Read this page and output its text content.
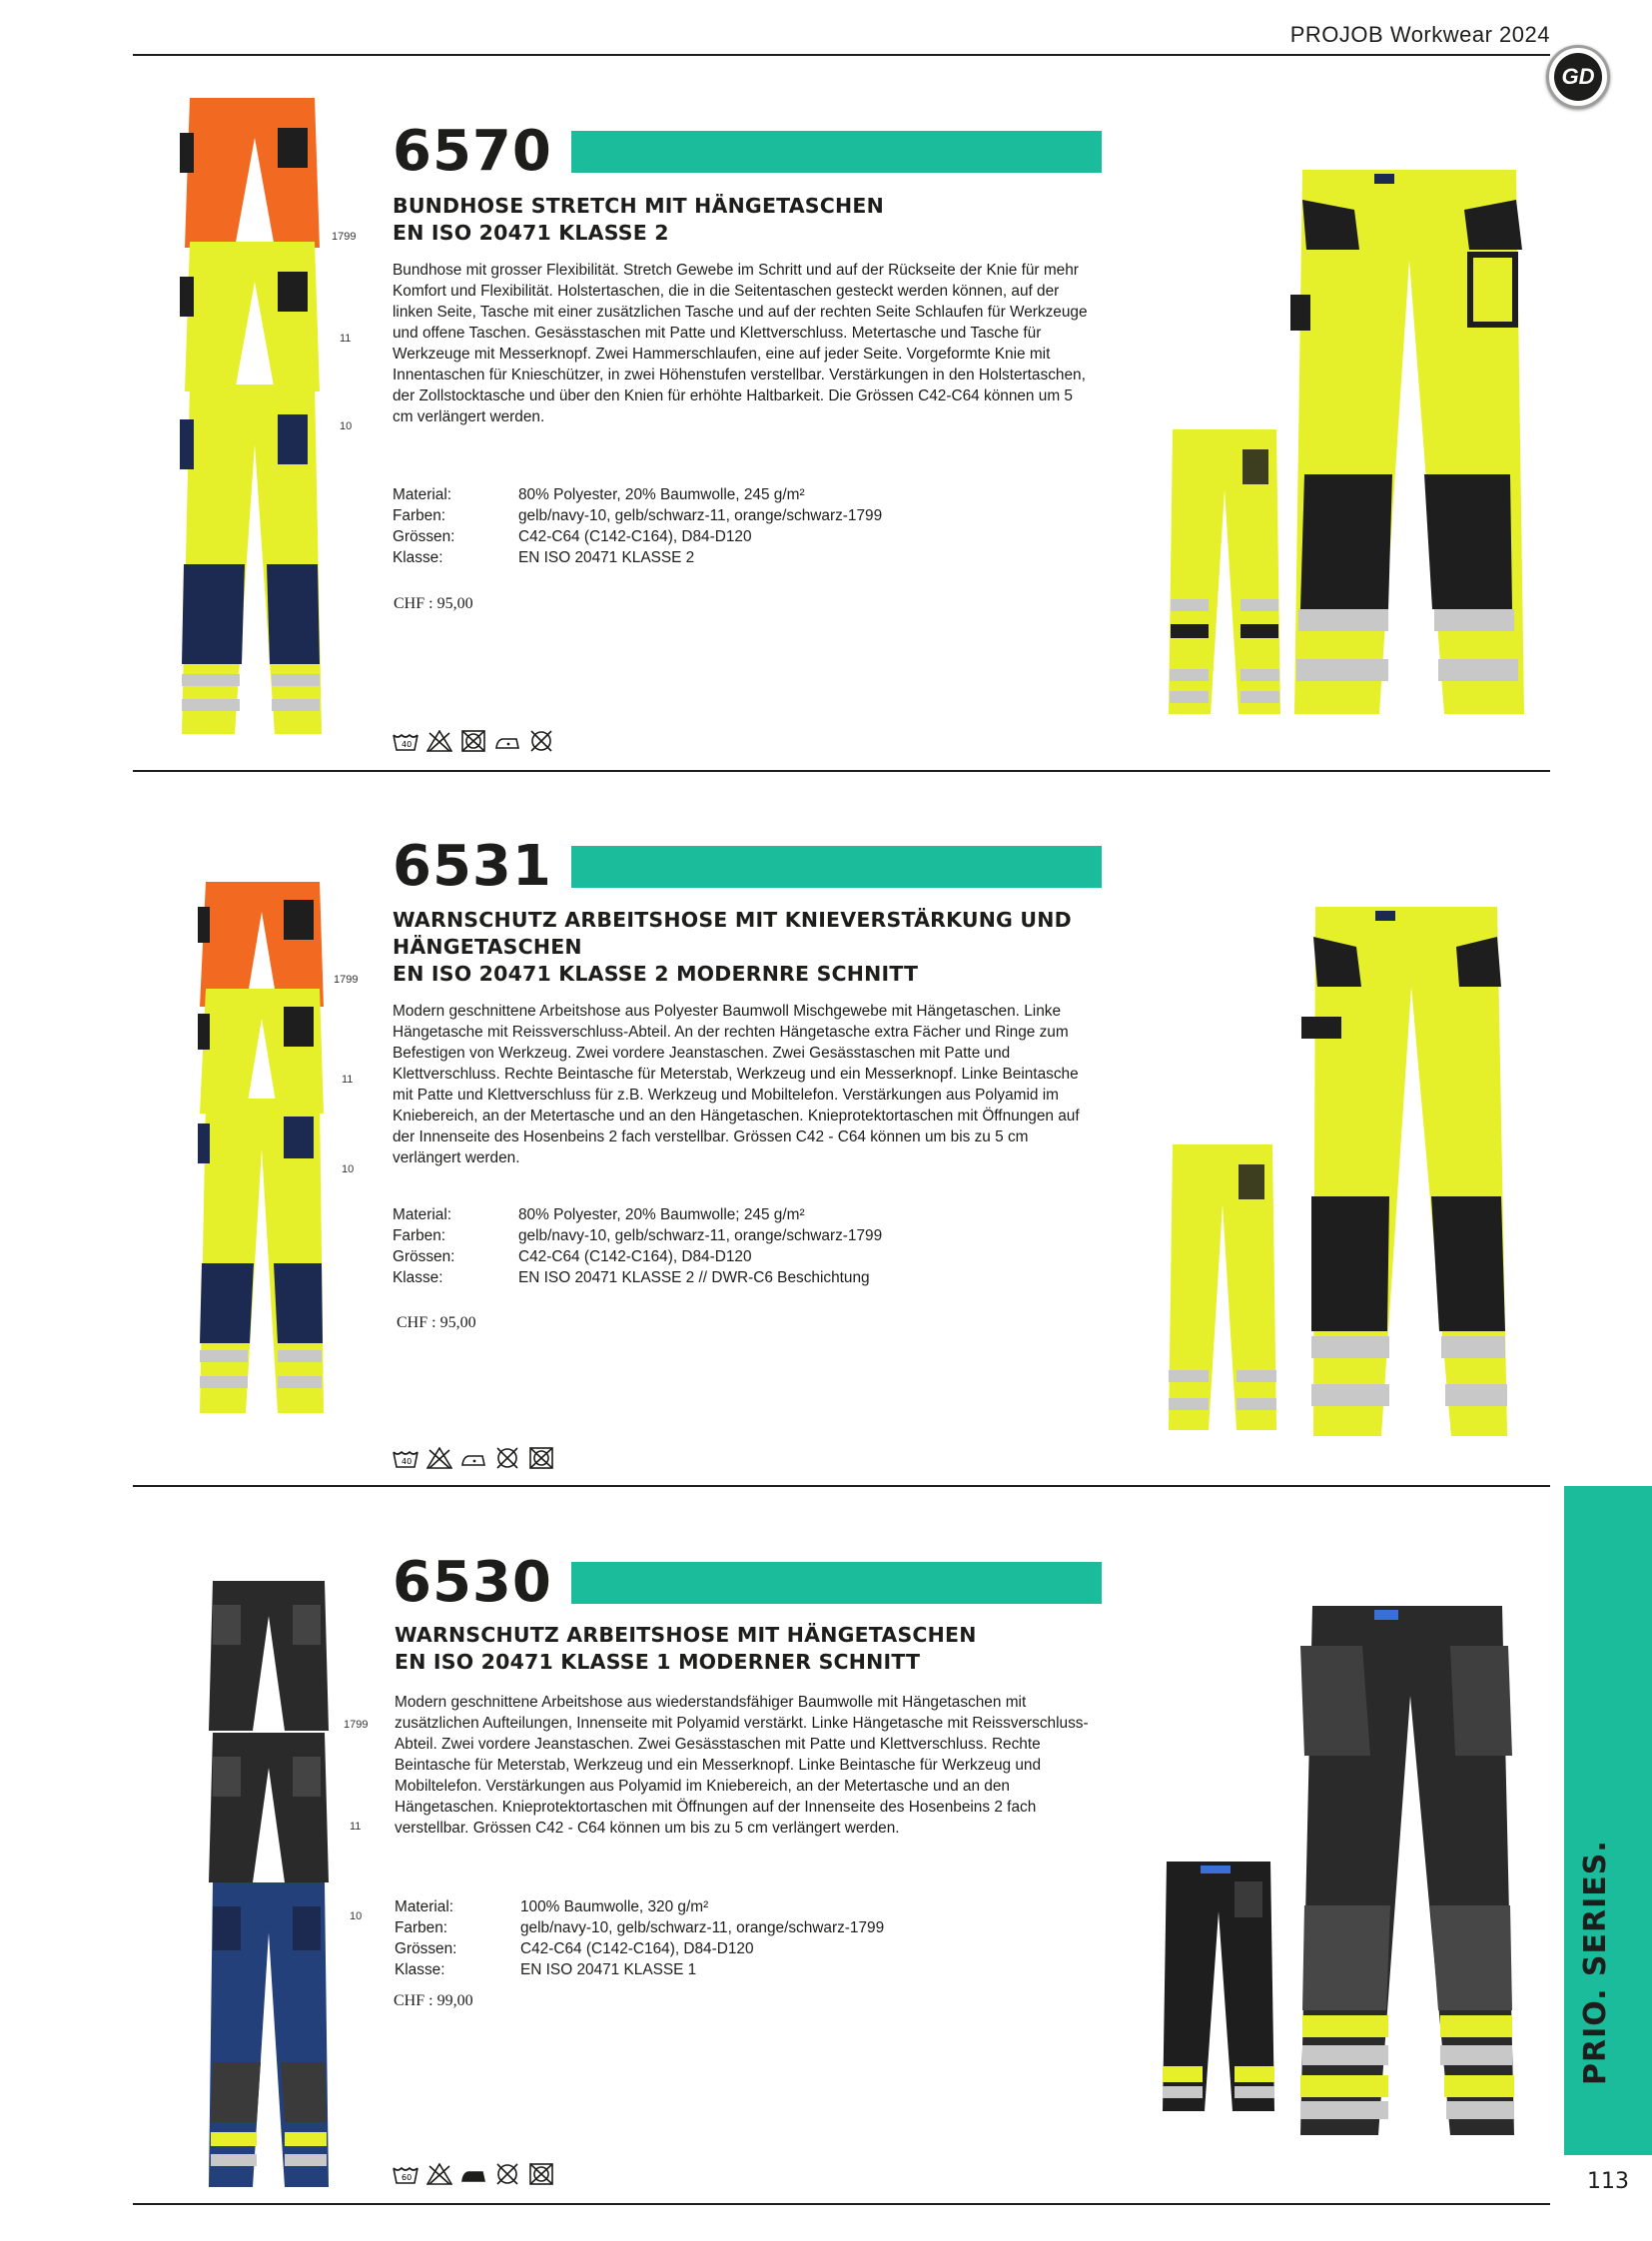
PROJOB Workwear 2024
GD
1799
11
10
6570
BUNDHOSE STRETCH MIT HÄNGETASCHEN
EN ISO 20471 KLASSE 2
Bundhose mit grosser Flexibilität. Stretch Gewebe im Schritt und auf der Rückseite der Knie für mehr Komfort und Flexibilität. Holstertaschen, die in die Seitentaschen gesteckt werden können, auf der linken Seite, Tasche mit einer zusätzlichen Tasche und auf der rechten Seite Schlaufen für Werkzeuge und offene Taschen. Gesässtaschen mit Patte und Klettverschluss. Metertasche und Tasche für Werkzeuge mit Messerknopf. Zwei Hammerschlaufen, eine auf jeder Seite. Vorgeformte Knie mit Innentaschen für Knieschützer, in zwei Höhenstufen verstellbar. Verstärkungen in den Holstertaschen, der Zollstocktasche und über den Knien für erhöhte Haltbarkeit. Die Grössen C42-C64 können um 5 cm verlängert werden.
Material:	80% Polyester, 20% Baumwolle, 245 g/m²
Farben:	gelb/navy-10, gelb/schwarz-11, orange/schwarz-1799
Grössen:	C42-C64 (C142-C164), D84-D120
Klasse:	EN ISO 20471 KLASSE 2
CHF : 95,00
40
1799
11
10
6531
WARNSCHUTZ ARBEITSHOSE MIT KNIEVERSTÄRKUNG UND
HÄNGETASCHEN
EN ISO 20471 KLASSE 2 MODERNRE SCHNITT
Modern geschnittene Arbeitshose aus Polyester Baumwoll Mischgewebe mit Hängetaschen. Linke Hängetasche mit Reissverschluss-Abteil. An der rechten Hängetasche extra Fächer und Ringe zum Befestigen von Werkzeug. Zwei vordere Jeanstaschen. Zwei Gesässtaschen mit Patte und Klettverschluss. Rechte Beintasche für Meterstab, Werkzeug und ein Messerknopf. Linke Beintasche mit Patte und Klettverschluss für z.B. Werkzeug und Mobiltelefon. Verstärkungen aus Polyamid im Kniebereich, an der Metertasche und an den Hängetaschen. Knieprotektortaschen mit Öffnungen auf der Innenseite des Hosenbeins 2 fach verstellbar. Grössen C42 - C64 können um bis zu 5 cm verlängert werden.
Material:	80% Polyester, 20% Baumwolle; 245 g/m²
Farben:	gelb/navy-10, gelb/schwarz-11, orange/schwarz-1799
Grössen:	C42-C64 (C142-C164), D84-D120
Klasse:	EN ISO 20471 KLASSE 2 // DWR-C6 Beschichtung
CHF : 95,00
40
1799
11
10
6530
WARNSCHUTZ ARBEITSHOSE MIT HÄNGETASCHEN
EN ISO 20471 KLASSE 1 MODERNER SCHNITT
Modern geschnittene Arbeitshose aus wiederstandsfähiger Baumwolle mit Hängetaschen mit zusätzlichen Aufteilungen, Innenseite mit Polyamid verstärkt. Linke Hängetasche mit Reissverschluss-Abteil. Zwei vordere Jeanstaschen. Zwei Gesässtaschen mit Patte und Klettverschluss. Rechte Beintasche für Meterstab, Werkzeug und ein Messerknopf. Linke Beintasche für Werkzeug und Mobiltelefon. Verstärkungen aus Polyamid im Kniebereich, an der Metertasche und an den Hängetaschen. Knieprotektortaschen mit Öffnungen auf der Innenseite des Hosenbeins 2 fach verstellbar. Grössen C42 - C64 können um bis zu 5 cm verlängert werden.
Material:	100% Baumwolle, 320 g/m²
Farben:	gelb/navy-10, gelb/schwarz-11, orange/schwarz-1799
Grössen:	C42-C64 (C142-C164), D84-D120
Klasse:	EN ISO 20471 KLASSE 1
CHF : 99,00
60
PRIO. SERIES.
113
